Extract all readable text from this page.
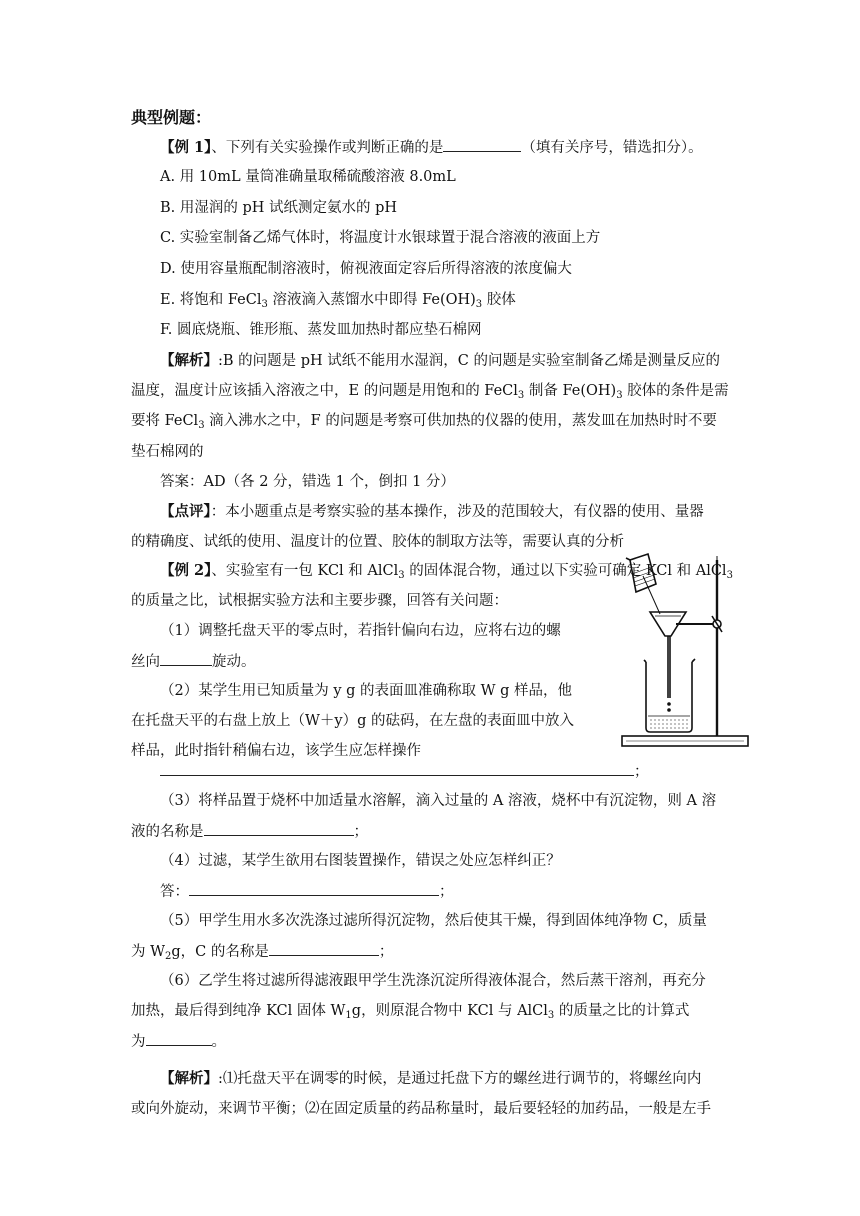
典型例题：
【例 1】、下列有关实验操作或判断正确的是	（填有关序号，错选扣分）。
A. 用 10mL 量筒准确量取稀硫酸溶液 8.0mL
B. 用湿润的 pH 试纸测定氨水的 pH
C. 实验室制备乙烯气体时，将温度计水银球置于混合溶液的液面上方
D. 使用容量瓶配制溶液时，俯视液面定容后所得溶液的浓度偏大
E. 将饱和 FeCl$_3$ 溶液滴入蒸馏水中即得 $Fe(OH)_3$ 胶体
F. 圆底烧瓶、锥形瓶、蒸发皿加热时都应垫石棉网
【解析】:B 的问题是 pH 试纸不能用水湿润，C 的问题是实验室制备乙烯是测量反应的
温度，温度计应该插入溶液之中，E 的问题是用饱和的 FeCl$_3$ 制备 $Fe(OH)_3$ 胶体的条件是需
要将 FeCl$_3$ 滴入沸水之中，F 的问题是考察可供加热的仪器的使用，蒸发皿在加热时时不要
垫石棉网的
答案：AD（各 2 分，错选 1 个，倒扣 1 分）
【点评】：本小题重点是考察实验的基本操作，涉及的范围较大，有仪器的使用、量器
的精确度、试纸的使用、温度计的位置、胶体的制取方法等，需要认真的分析
【例 2】、实验室有一包 KCl 和 AlCl$_3$ 的固体混合物，通过以下实验可确定 KCl 和 AlCl$_3$
的质量之比，试根据实验方法和主要步骤，回答有关问题：
（1）调整托盘天平的零点时，若指针偏向右边，应将右边的螺
丝向	旋动。
（2）某学生用已知质量为 y g 的表面皿准确称取 W g 样品，他
在托盘天平的右盘上放上（W＋y）g 的砝码，在左盘的表面皿中放入
样品，此时指针稍偏右边，该学生应怎样操作
；
（3）将样品置于烧杯中加适量水溶解，滴入过量的 A 溶液，烧杯中有沉淀物，则 A 溶
液的名称是	；
（4）过滤，某学生欲用右图装置操作，错误之处应怎样纠正？
答：	；
（5）甲学生用水多次洗涤过滤所得沉淀物，然后使其干燥，得到固体纯净物 C，质量
为 $W_2g$，C 的名称是	；
（6）乙学生将过滤所得滤液跟甲学生洗涤沉淀所得液体混合，然后蒸干溶剂，再充分
加热，最后得到纯净 KCl 固体 $W_1g$，则原混合物中 KCl 与 AlCl$_3$ 的质量之比的计算式
为	。
【解析】:⑴托盘天平在调零的时候，是通过托盘下方的螺丝进行调节的，将螺丝向内
或向外旋动，来调节平衡；⑵在固定质量的药品称量时，最后要轻轻的加药品，一般是左手
